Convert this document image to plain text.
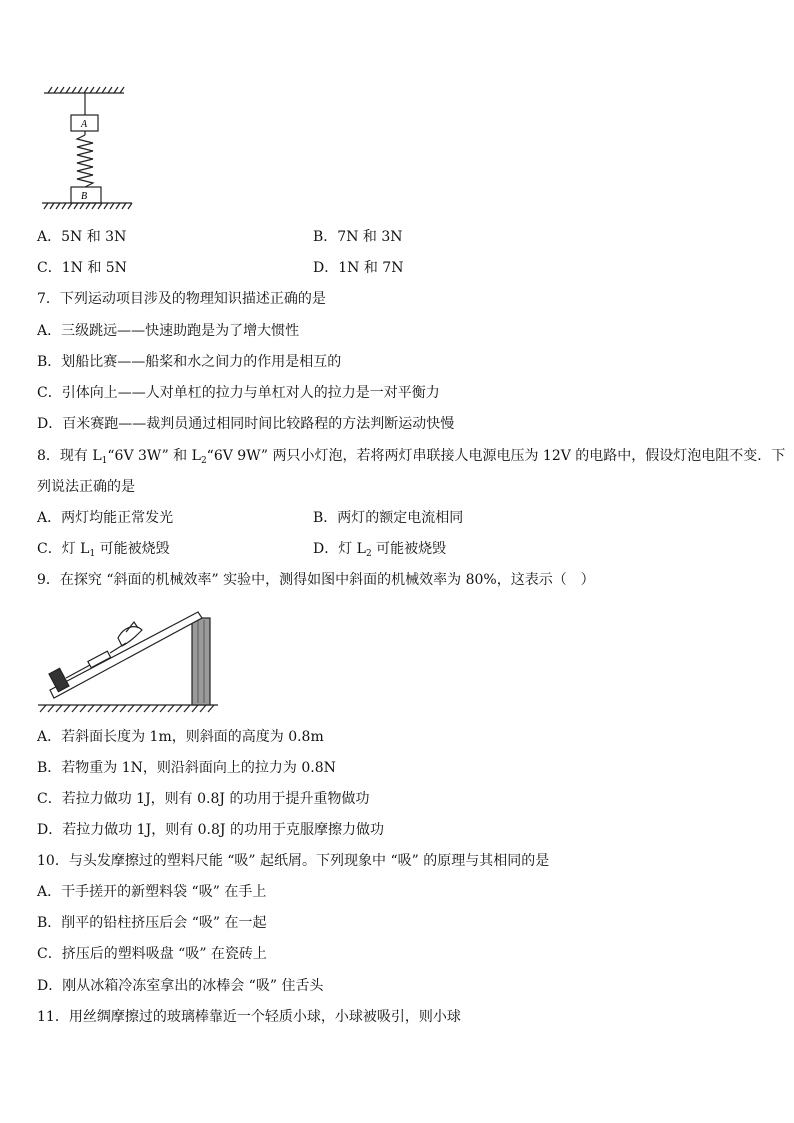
A
B
A．5N 和 3N	B．7N 和 3N
C．1N 和 5N	D．1N 和 7N
7．下列运动项目涉及的物理知识描述正确的是
A．三级跳远——快速助跑是为了增大惯性
B．划船比赛——船桨和水之间力的作用是相互的
C．引体向上——人对单杠的拉力与单杠对人的拉力是一对平衡力
D．百米赛跑——裁判员通过相同时间比较路程的方法判断运动快慢
8．现有 $L_1“6V$ 3W” 和 $L_2“6V$ 9W” 两只小灯泡，若将两灯串联接人电源电压为 12V 的电路中，假设灯泡电阻不变．下
列说法正确的是
A．两灯均能正常发光	B．两灯的额定电流相同
C．灯 $L_1$ 可能被烧毁	D．灯 $L_2$ 可能被烧毁
9．在探究 “斜面的机械效率” 实验中，测得如图中斜面的机械效率为 80%，这表示（　）
A．若斜面长度为 1m，则斜面的高度为 0.8m
B．若物重为 1N，则沿斜面向上的拉力为 0.8N
C．若拉力做功 1J，则有 0.8J 的功用于提升重物做功
D．若拉力做功 1J，则有 0.8J 的功用于克服摩擦力做功
10．与头发摩擦过的塑料尺能 “吸” 起纸屑。下列现象中 “吸” 的原理与其相同的是
A．干手搓开的新塑料袋 “吸” 在手上
B．削平的铅柱挤压后会 “吸” 在一起
C．挤压后的塑料吸盘 “吸” 在瓷砖上
D．刚从冰箱冷冻室拿出的冰棒会 “吸” 住舌头
11．用丝绸摩擦过的玻璃棒靠近一个轻质小球，小球被吸引，则小球
